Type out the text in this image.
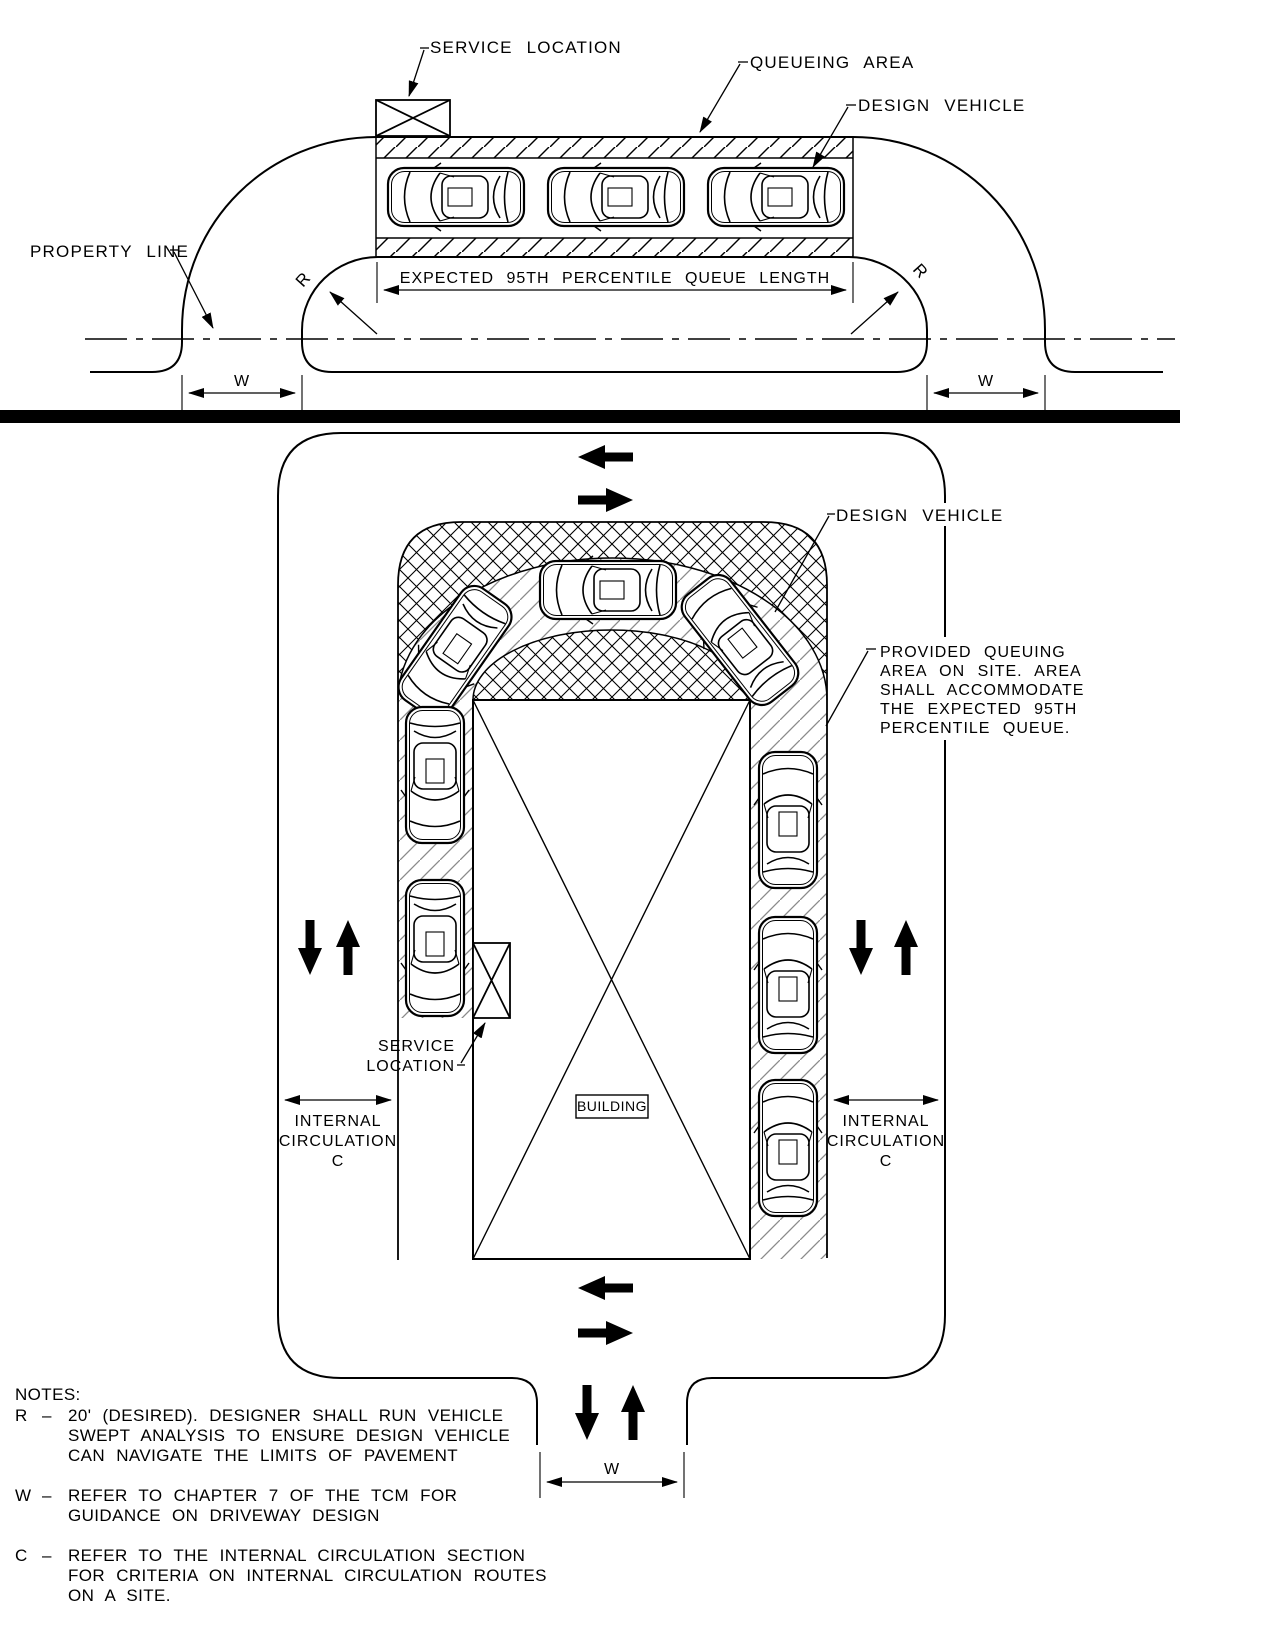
EXPECTED 95TH PERCENTILE QUEUE LENGTH
R	R
W	W
SERVICE LOCATION
QUEUEING AREA
DESIGN VEHICLE
PROPERTY LINE
DESIGN VEHICLE
PROVIDED QUEUING
AREA ON SITE. AREA
SHALL ACCOMMODATE
THE EXPECTED 95TH
PERCENTILE QUEUE.
SERVICE
LOCATION
BUILDING
INTERNAL
CIRCULATION
C
INTERNAL
CIRCULATION
C
W
NOTES:
R – 20' (DESIRED). DESIGNER SHALL RUN VEHICLE
SWEPT ANALYSIS TO ENSURE DESIGN VEHICLE
CAN NAVIGATE THE LIMITS OF PAVEMENT
W – REFER TO CHAPTER 7 OF THE TCM FOR
GUIDANCE ON DRIVEWAY DESIGN
C – REFER TO THE INTERNAL CIRCULATION SECTION
FOR CRITERIA ON INTERNAL CIRCULATION ROUTES
ON A SITE.
